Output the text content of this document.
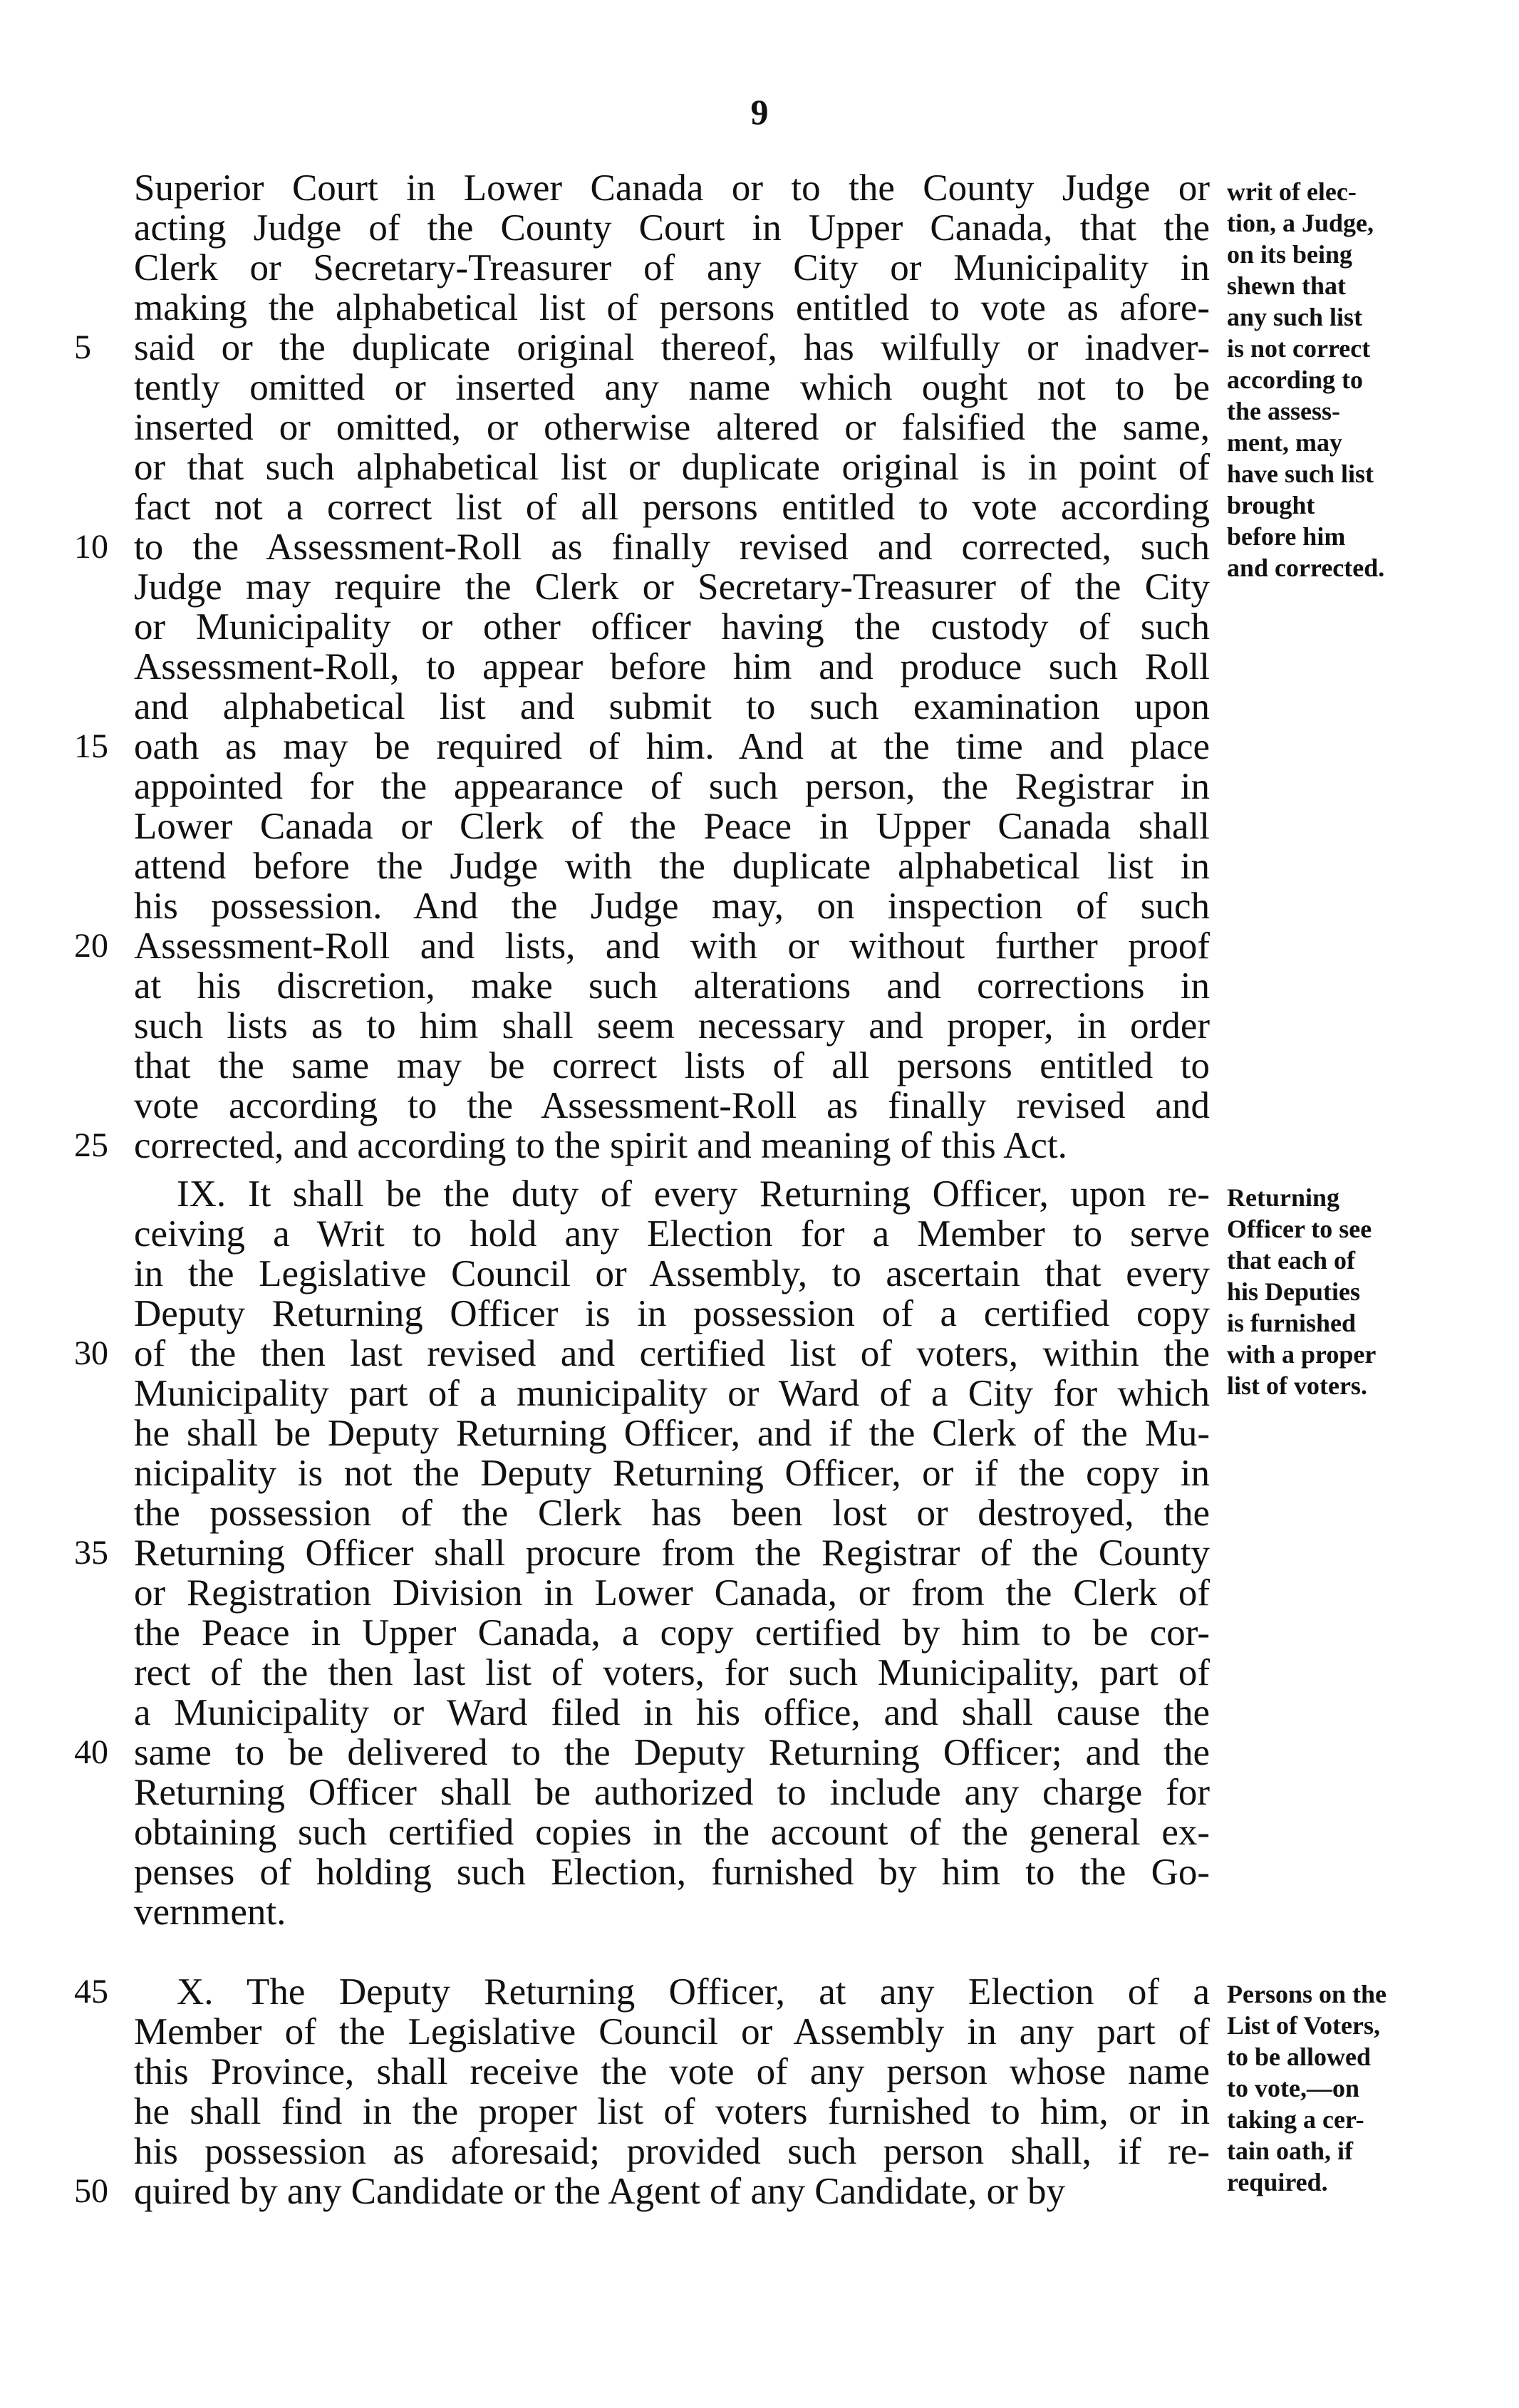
9
Superior Court in Lower Canada or to the County Judge or
acting Judge of the County Court in Upper Canada, that the
Clerk or Secretary-Treasurer of any City or Municipality in
making the alphabetical list of persons entitled to vote as afore-
said or the duplicate original thereof, has wilfully or inadver-
tently omitted or inserted any name which ought not to be
inserted or omitted, or otherwise altered or falsified the same,
or that such alphabetical list or duplicate original is in point of
fact not a correct list of all persons entitled to vote according
to the Assessment-Roll as finally revised and corrected, such
Judge may require the Clerk or Secretary-Treasurer of the City
or Municipality or other officer having the custody of such
Assessment-Roll, to appear before him and produce such Roll
and alphabetical list and submit to such examination upon
oath as may be required of him. And at the time and place
appointed for the appearance of such person, the Registrar in
Lower Canada or Clerk of the Peace in Upper Canada shall
attend before the Judge with the duplicate alphabetical list in
his possession. And the Judge may, on inspection of such
Assessment-Roll and lists, and with or without further proof
at his discretion, make such alterations and corrections in
such lists as to him shall seem necessary and proper, in order
that the same may be correct lists of all persons entitled to
vote according to the Assessment-Roll as finally revised and
corrected, and according to the spirit and meaning of this Act.
5
10
15
20
25
writ of elec-
tion, a Judge,
on its being
shewn that
any such list
is not correct
according to
the assess-
ment, may
have such list
brought
before him
and corrected.
IX. It shall be the duty of every Returning Officer, upon re-
ceiving a Writ to hold any Election for a Member to serve
in the Legislative Council or Assembly, to ascertain that every
Deputy Returning Officer is in possession of a certified copy
of the then last revised and certified list of voters, within the
Municipality part of a municipality or Ward of a City for which
he shall be Deputy Returning Officer, and if the Clerk of the Mu-
nicipality is not the Deputy Returning Officer, or if the copy in
the possession of the Clerk has been lost or destroyed, the
Returning Officer shall procure from the Registrar of the County
or Registration Division in Lower Canada, or from the Clerk of
the Peace in Upper Canada, a copy certified by him to be cor-
rect of the then last list of voters, for such Municipality, part of
a Municipality or Ward filed in his office, and shall cause the
same to be delivered to the Deputy Returning Officer; and the
Returning Officer shall be authorized to include any charge for
obtaining such certified copies in the account of the general ex-
penses of holding such Election, furnished by him to the Go-
vernment.
30
35
40
Returning
Officer to see
that each of
his Deputies
is furnished
with a proper
list of voters.
X. The Deputy Returning Officer, at any Election of a
Member of the Legislative Council or Assembly in any part of
this Province, shall receive the vote of any person whose name
he shall find in the proper list of voters furnished to him, or in
his possession as aforesaid; provided such person shall, if re-
quired by any Candidate or the Agent of any Candidate, or by
45
50
Persons on the
List of Voters,
to be allowed
to vote,—on
taking a cer-
tain oath, if
required.
